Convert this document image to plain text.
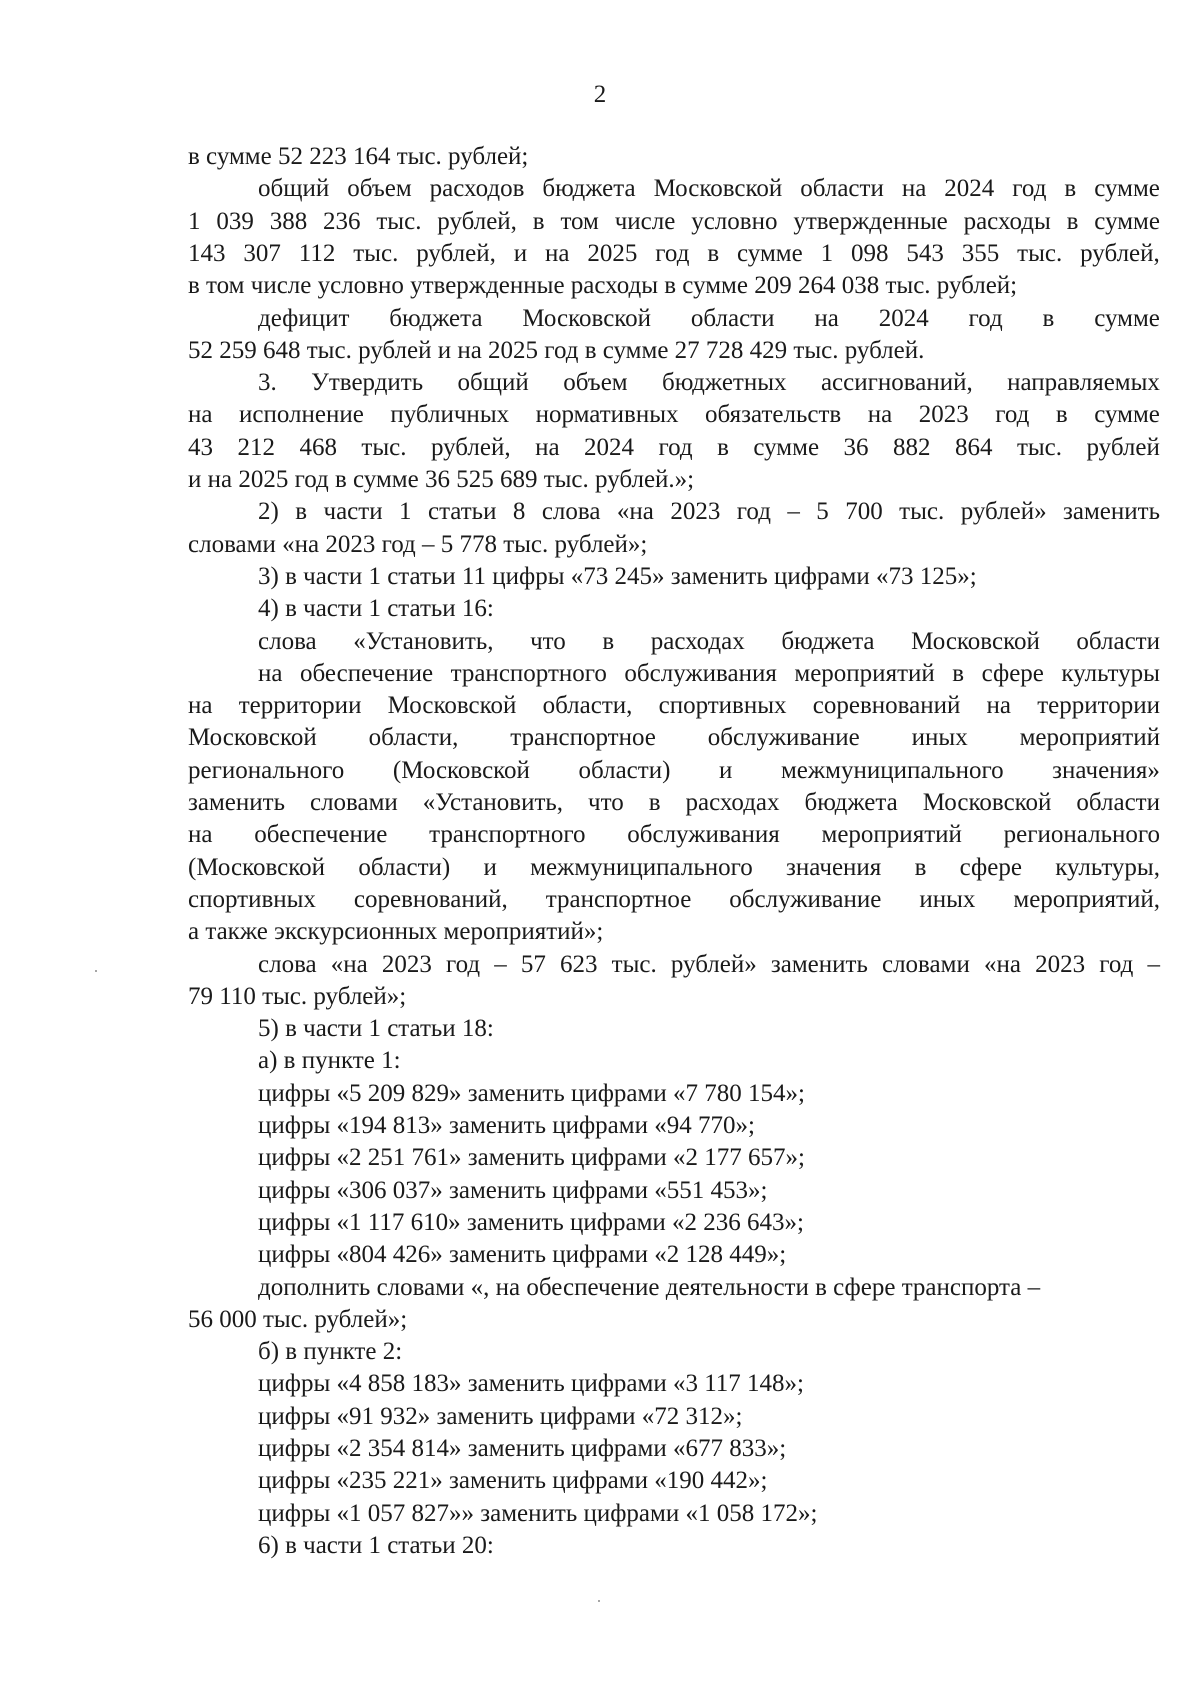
2
в сумме 52 223 164 тыс. рублей;
общий объем расходов бюджета Московской области на 2024 год в сумме
1 039 388 236 тыс. рублей, в том числе условно утвержденные расходы в сумме
143 307 112 тыс. рублей, и на 2025 год в сумме 1 098 543 355 тыс. рублей,
в том числе условно утвержденные расходы в сумме 209 264 038 тыс. рублей;
дефицит бюджета Московской области на 2024 год в сумме
52 259 648 тыс. рублей и на 2025 год в сумме 27 728 429 тыс. рублей.
3. Утвердить общий объем бюджетных ассигнований, направляемых
на исполнение публичных нормативных обязательств на 2023 год в сумме
43 212 468 тыс. рублей, на 2024 год в сумме 36 882 864 тыс. рублей
и на 2025 год в сумме 36 525 689 тыс. рублей.»;
2) в части 1 статьи 8 слова «на 2023 год – 5 700 тыс. рублей» заменить
словами «на 2023 год – 5 778 тыс. рублей»;
3) в части 1 статьи 11 цифры «73 245» заменить цифрами «73 125»;
4) в части 1 статьи 16:
слова «Установить, что в расходах бюджета Московской области
на обеспечение транспортного обслуживания мероприятий в сфере культуры
на территории Московской области, спортивных соревнований на территории
Московской области, транспортное обслуживание иных мероприятий
регионального (Московской области) и межмуниципального значения»
заменить словами «Установить, что в расходах бюджета Московской области
на обеспечение транспортного обслуживания мероприятий регионального
(Московской области) и межмуниципального значения в сфере культуры,
спортивных соревнований, транспортное обслуживание иных мероприятий,
а также экскурсионных мероприятий»;
слова «на 2023 год – 57 623 тыс. рублей» заменить словами «на 2023 год –
79 110 тыс. рублей»;
5) в части 1 статьи 18:
а) в пункте 1:
цифры «5 209 829» заменить цифрами «7 780 154»;
цифры «194 813» заменить цифрами «94 770»;
цифры «2 251 761» заменить цифрами «2 177 657»;
цифры «306 037» заменить цифрами «551 453»;
цифры «1 117 610» заменить цифрами «2 236 643»;
цифры «804 426» заменить цифрами «2 128 449»;
дополнить словами «, на обеспечение деятельности в сфере транспорта –
56 000 тыс. рублей»;
б) в пункте 2:
цифры «4 858 183» заменить цифрами «3 117 148»;
цифры «91 932» заменить цифрами «72 312»;
цифры «2 354 814» заменить цифрами «677 833»;
цифры «235 221» заменить цифрами «190 442»;
цифры «1 057 827»» заменить цифрами «1 058 172»;
6) в части 1 статьи 20:
